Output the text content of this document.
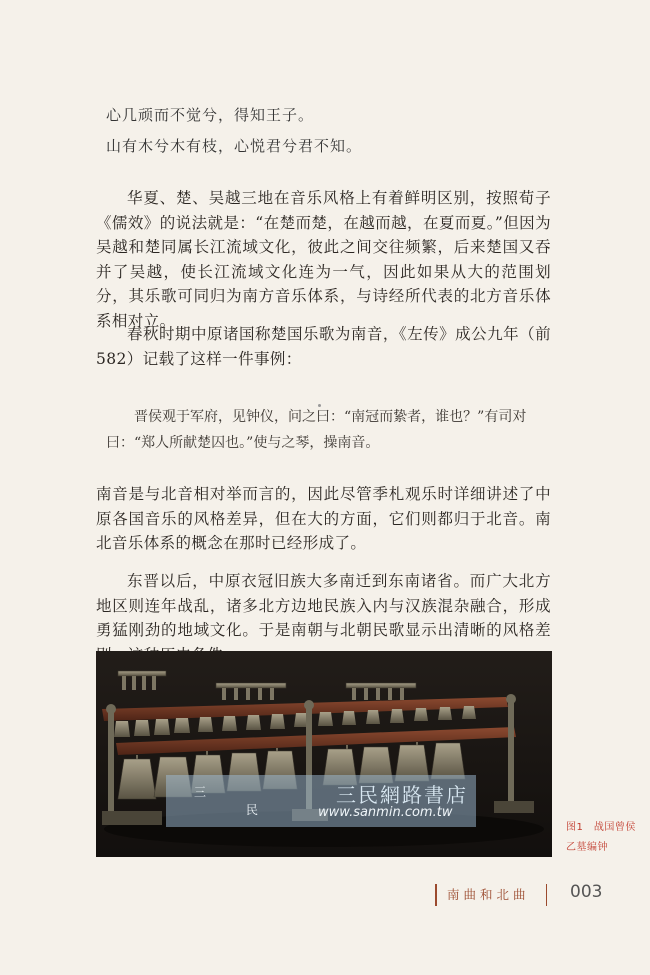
心几顽而不觉兮，得知王子。
山有木兮木有枝，心悦君兮君不知。
华夏、楚、吴越三地在音乐风格上有着鲜明区别，按照荀子《儒效》的说法就是：“在楚而楚，在越而越，在夏而夏。”但因为吴越和楚同属长江流域文化，彼此之间交往频繁，后来楚国又吞并了吴越，使长江流域文化连为一气，因此如果从大的范围划分，其乐歌可同归为南方音乐体系，与诗经所代表的北方音乐体系相对立。
春秋时期中原诸国称楚国乐歌为南音，《左传》成公九年（前 582）记载了这样一件事例：
晋侯观于军府，见钟仪，问之曰：“南冠而絷者，谁也？”有司对曰：“郑人所献楚囚也。”使与之琴，操南音。
南音是与北音相对举而言的，因此尽管季札观乐时详细讲述了中原各国音乐的风格差异，但在大的方面，它们则都归于北音。南北音乐体系的概念在那时已经形成了。
东晋以后，中原衣冠旧族大多南迁到东南诸省。而广大北方地区则连年战乱，诸多北方边地民族入内与汉族混杂融合，形成勇猛刚劲的地域文化。于是南朝与北朝民歌显示出清晰的风格差
三
民
三民網路書店
www.sanmin.com.tw
图1　战国曾侯
乙墓编钟
南曲和北曲 003
